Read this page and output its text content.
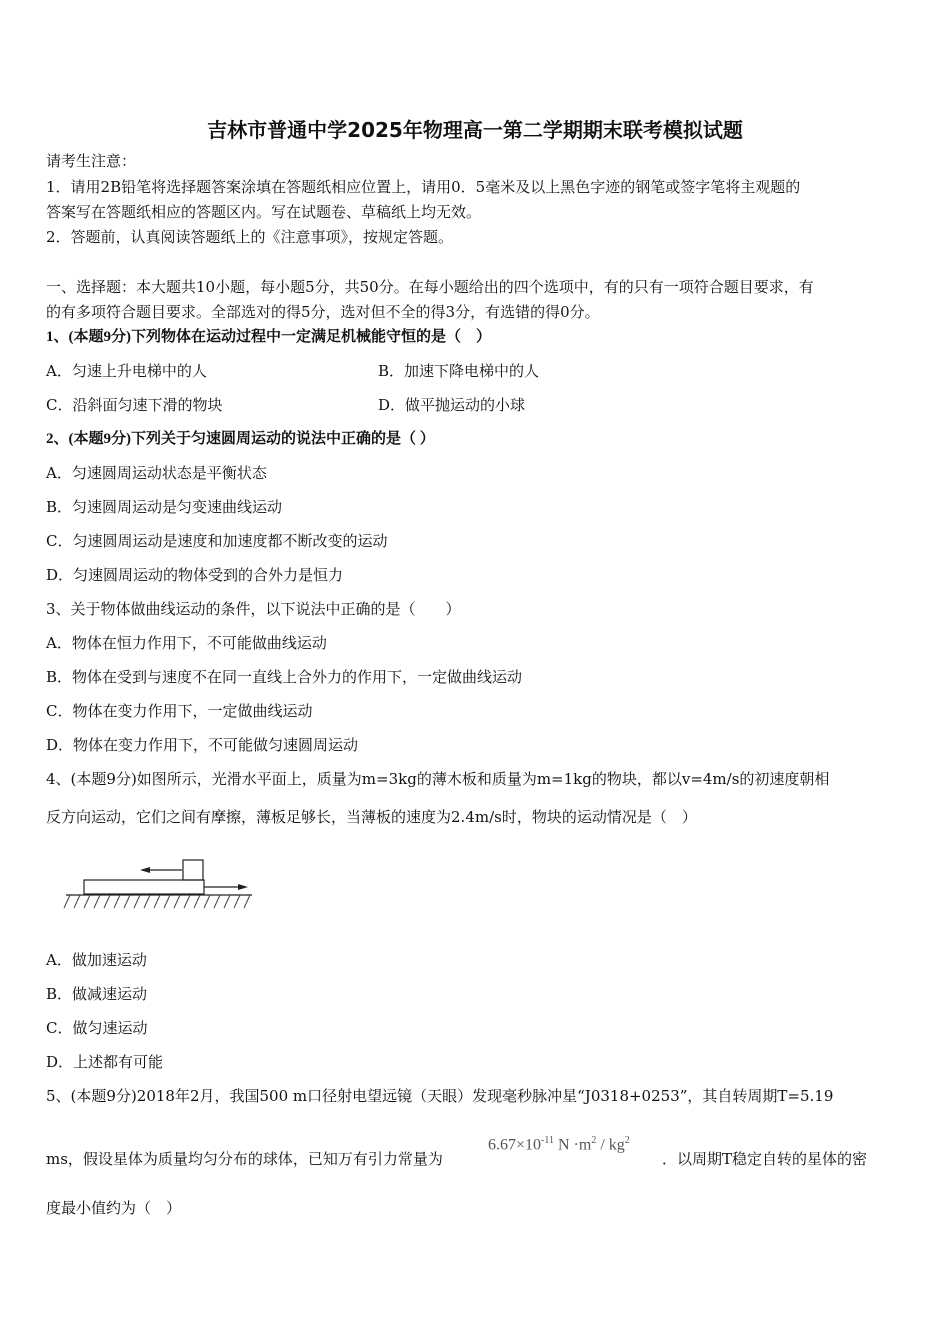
吉林市普通中学2025年物理高一第二学期期末联考模拟试题
请考生注意：
1．请用2B铅笔将选择题答案涂填在答题纸相应位置上，请用0．5毫米及以上黑色字迹的钢笔或签字笔将主观题的
答案写在答题纸相应的答题区内。写在试题卷、草稿纸上均无效。
2．答题前，认真阅读答题纸上的《注意事项》，按规定答题。
一、选择题：本大题共10小题，每小题5分，共50分。在每小题给出的四个选项中，有的只有一项符合题目要求，有
的有多项符合题目要求。全部选对的得5分，选对但不全的得3分，有选错的得0分。
1、(本题9分)下列物体在运动过程中一定满足机械能守恒的是（　）
A．匀速上升电梯中的人	B．加速下降电梯中的人
C．沿斜面匀速下滑的物块	D．做平抛运动的小球
2、(本题9分)下列关于匀速圆周运动的说法中正确的是（ ）
A．匀速圆周运动状态是平衡状态
B．匀速圆周运动是匀变速曲线运动
C．匀速圆周运动是速度和加速度都不断改变的运动
D．匀速圆周运动的物体受到的合外力是恒力
3、关于物体做曲线运动的条件，以下说法中正确的是（　　）
A．物体在恒力作用下，不可能做曲线运动
B．物体在受到与速度不在同一直线上合外力的作用下，一定做曲线运动
C．物体在变力作用下，一定做曲线运动
D．物体在变力作用下，不可能做匀速圆周运动
4、(本题9分)如图所示，光滑水平面上，质量为m=3kg的薄木板和质量为m=1kg的物块，都以v=4m/s的初速度朝相
反方向运动，它们之间有摩擦，薄板足够长，当薄板的速度为2.4m/s时，物块的运动情况是（　）
A．做加速运动
B．做减速运动
C．做匀速运动
D．上述都有可能
5、(本题9分)2018年2月，我国500 m口径射电望远镜（天眼）发现毫秒脉冲星“J0318+0253”，其自转周期T=5.19
ms，假设星体为质量均匀分布的球体，已知万有引力常量为
$6.67\times 10^{-11}$ $N \cdot m^2 / kg^2$
．以周期T稳定自转的星体的密
度最小值约为（　）
